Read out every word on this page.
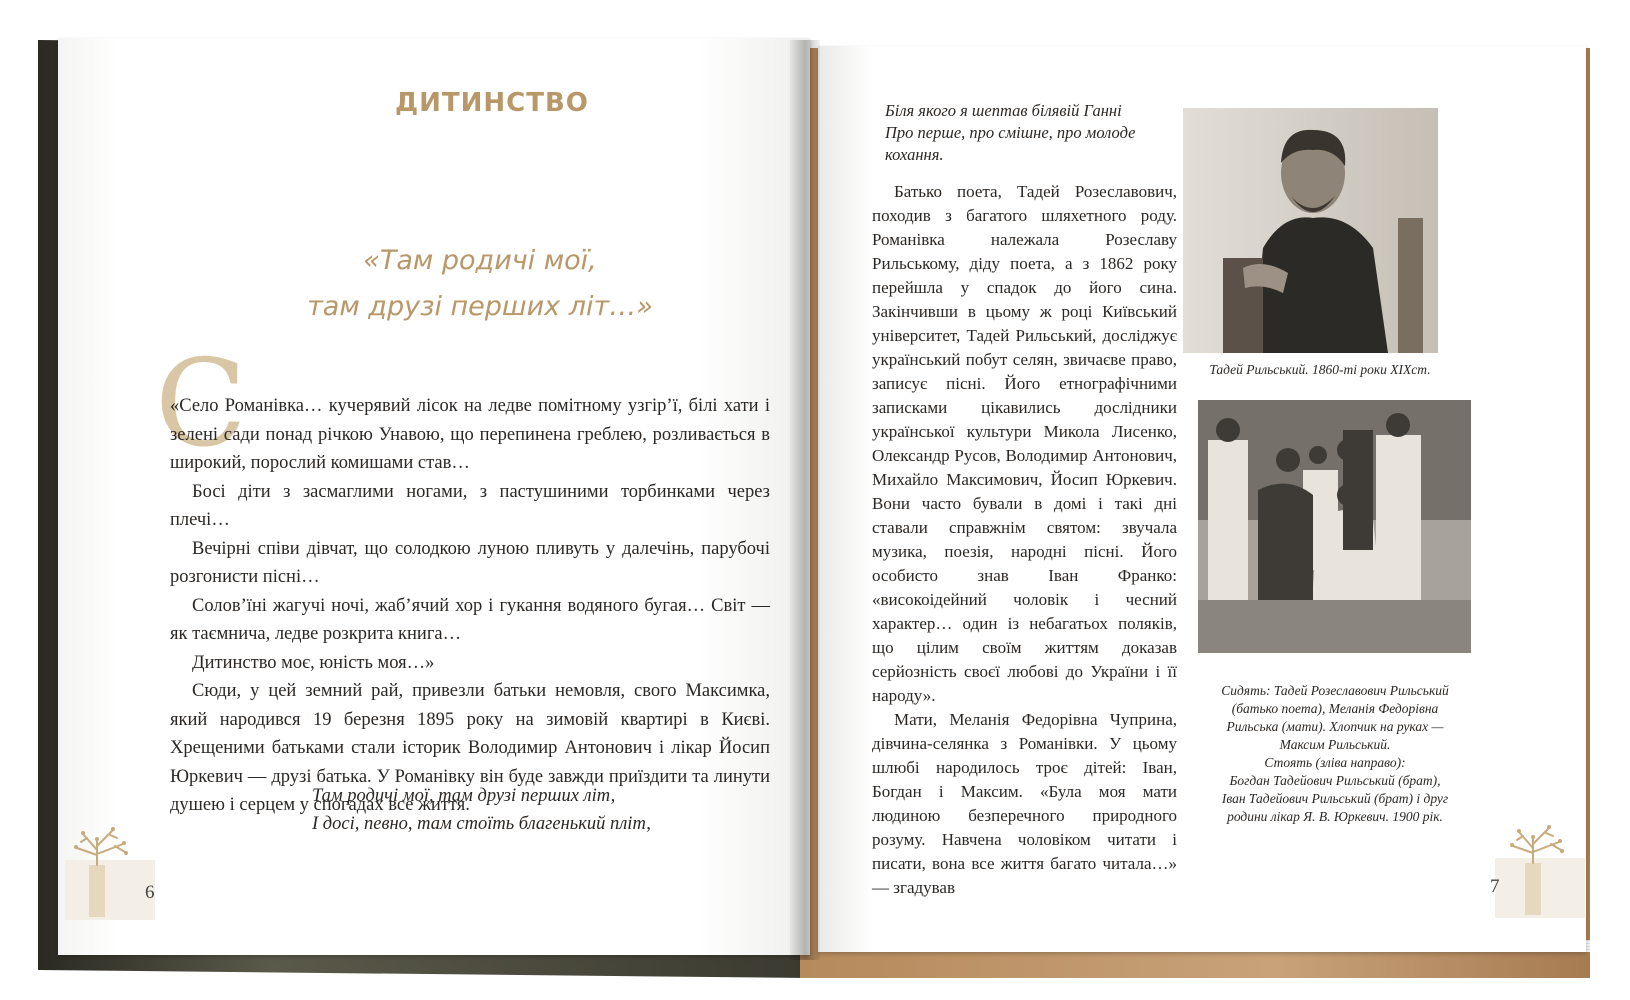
ДИТИНСТВО
«Там родичі мої,
там друзі перших літ…»
С

«Село Романівка… кучерявий лісок на ледве помітному узгір’ї, білі хати і зелені сади понад річкою Унавою, що перепинена греблею, розливається в широкий, порослий комишами став…

Босі діти з засмаглими ногами, з пастушиними торбинками через плечі…

Вечірні співи дівчат, що солодкою луною пливуть у далечінь, парубочі розгонисти пісні…

Солов’їні жагучі ночі, жаб’ячий хор і гукання водяного бугая… Світ — як таємнича, ледве розкрита книга…

Дитинство моє, юність моя…»

Сюди, у цей земний рай, привезли батьки немовля, свого Максимка, який народився 19 березня 1895 року на зимовій квартирі в Києві. Хрещеними батьками стали історик Володимир Антонович і лікар Йосип Юркевич — друзі батька. У Романівку він буде завжди приїздити та линути душею і серцем у спогадах все життя.

Там родичі мої, там друзі перших літ,
І досі, певно, там стоїть благенький пліт,
6
Біля якого я шептав білявій Ганні
Про перше, про смішне, про молоде
кохання.

Батько поета, Тадей Розеславович, походив з багатого шляхетного роду. Романівка належала Розеславу Рильському, діду поета, а з 1862 року перейшла у спадок до його сина. Закінчивши в цьому ж році Київський університет, Тадей Рильський, досліджує український побут селян, звичаєве право, записує пісні. Його етнографічними записками цікавились дослідники української культури Микола Лисенко, Олександр Русов, Володимир Антонович, Михайло Максимович, Йосип Юркевич. Вони часто бували в домі і такі дні ставали справжнім святом: звучала музика, поезія, народні пісні. Його особисто знав Іван Франко: «високоідейний чоловік і чесний характер… один із небагатьох поляків, що цілим своїм життям доказав серйозність своєї любові до України і її народу».

Мати, Меланія Федорівна Чуприна, дівчина-селянка з Романівки. У цьому шлюбі народилось троє дітей: Іван, Богдан і Максим. «Була моя мати людиною безперечного природного розуму. Навчена чоловіком читати і писати, вона все життя багато читала…» — згадував

Тадей Рильський. 1860-ті роки ХІХст.
Сидять: Тадей Розеславович Рильський
(батько поета), Меланія Федорівна
Рильська (мати). Хлопчик на руках —
Максим Рильський.
Стоять (зліва направо):
Богдан Тадейович Рильський (брат),
Іван Тадейович Рильський (брат) і друг
родини лікар Я. В. Юркевич. 1900 рік.
7
